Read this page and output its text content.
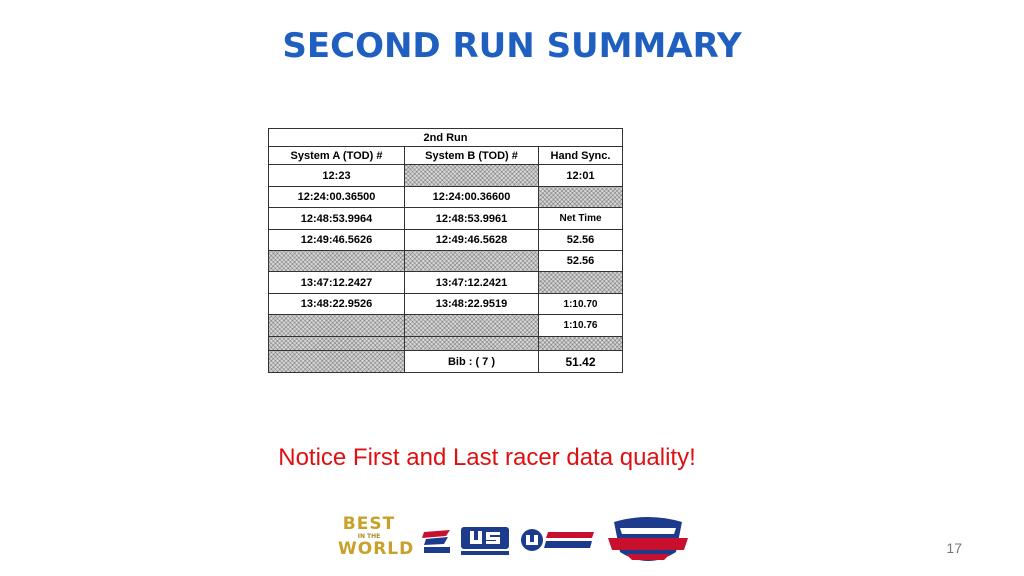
SECOND RUN SUMMARY
2nd Run		
System A (TOD) #	System B (TOD) #	Hand Sync.
12:23		12:01
12:24:00.36500	12:24:00.36600	
12:48:53.9964	12:48:53.9961	Net Time
12:49:46.5626	12:49:46.5628	52.56
		52.56
13:47:12.2427	13:47:12.2421	
13:48:22.9526	13:48:22.9519	1:10.70
		1:10.76

	Bib : ( 7 )	51.42
Notice First and Last racer data quality!
BEST
IN THE
WORLD	17
